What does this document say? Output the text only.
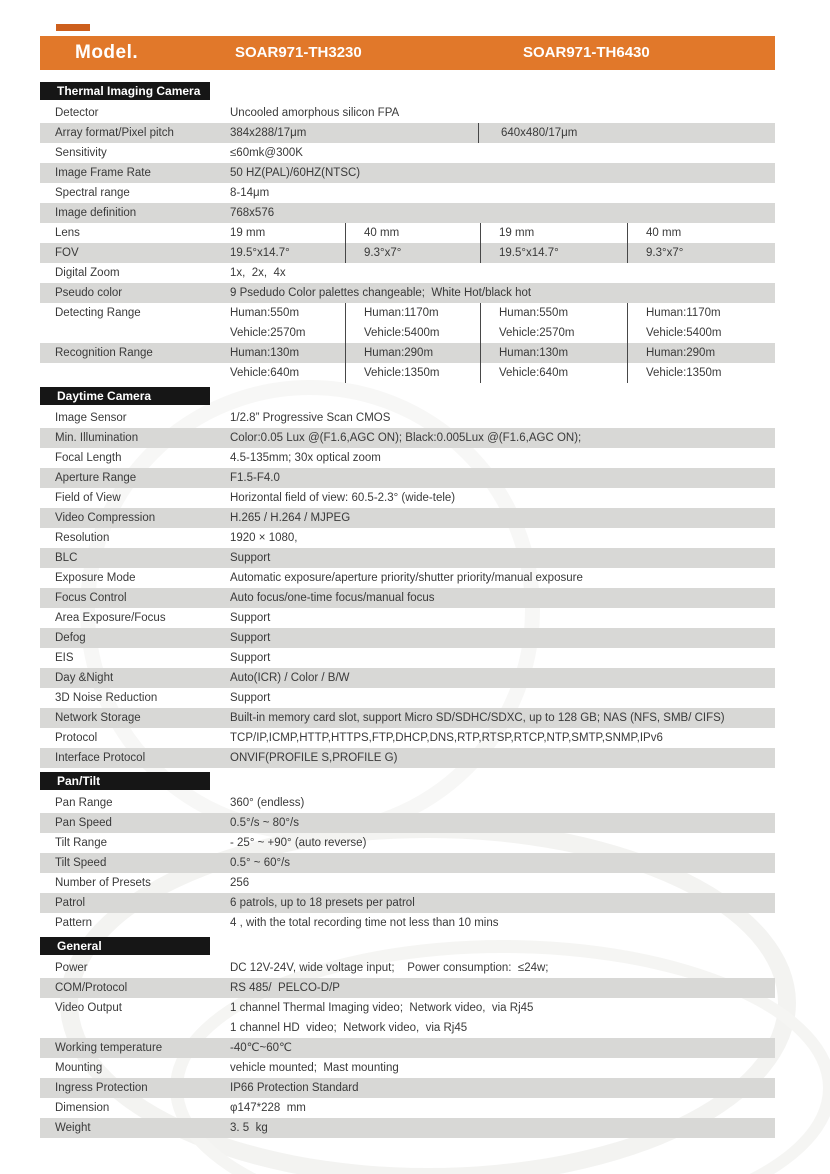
Model.	SOAR971-TH3230	SOAR971-TH6430
Thermal Imaging Camera
Detector	Uncooled amorphous silicon FPA
Array format/Pixel pitch	384x288/17μm	640x480/17μm
Sensitivity	≤60mk@300K
Image Frame Rate	50 HZ(PAL)/60HZ(NTSC)
Spectral range	8-14μm
Image definition	768x576
Lens	19 mm	40 mm	19 mm	40 mm
FOV	19.5°x14.7°	9.3°x7°	19.5°x14.7°	9.3°x7°
Digital Zoom	1x,  2x,  4x
Pseudo color	9 Psedudo Color palettes changeable;  White Hot/black hot
Detecting Range	Human:550m	Human:1170m	Human:550m	Human:1170m
Vehicle:2570m	Vehicle:5400m	Vehicle:2570m	Vehicle:5400m
Recognition Range	Human:130m	Human:290m	Human:130m	Human:290m
Vehicle:640m	Vehicle:1350m	Vehicle:640m	Vehicle:1350m
Daytime Camera
Image Sensor	1/2.8” Progressive Scan CMOS
Min. Illumination	Color:0.05 Lux @(F1.6,AGC ON); Black:0.005Lux @(F1.6,AGC ON);
Focal Length	4.5-135mm; 30x optical zoom
Aperture Range	F1.5-F4.0
Field of View	Horizontal field of view: 60.5-2.3° (wide-tele)
Video Compression	H.265 / H.264 / MJPEG
Resolution	1920 × 1080,
BLC	Support
Exposure Mode	Automatic exposure/aperture priority/shutter priority/manual exposure
Focus Control	Auto focus/one-time focus/manual focus
Area Exposure/Focus	Support
Defog	Support
EIS	Support
Day &Night	Auto(ICR) / Color / B/W
3D Noise Reduction	Support
Network Storage	Built-in memory card slot, support Micro SD/SDHC/SDXC, up to 128 GB; NAS (NFS, SMB/ CIFS)
Protocol	TCP/IP,ICMP,HTTP,HTTPS,FTP,DHCP,DNS,RTP,RTSP,RTCP,NTP,SMTP,SNMP,IPv6
Interface Protocol	ONVIF(PROFILE S,PROFILE G)
Pan/Tilt
Pan Range	360° (endless)
Pan Speed	0.5°/s ~ 80°/s
Tilt Range	- 25° ~ +90° (auto reverse)
Tilt Speed	0.5° ~ 60°/s
Number of Presets	256
Patrol	6 patrols, up to 18 presets per patrol
Pattern	4 , with the total recording time not less than 10 mins
General
Power	DC 12V-24V, wide voltage input;    Power consumption:  ≤24w;
COM/Protocol	RS 485/  PELCO-D/P
Video Output	1 channel Thermal Imaging video;  Network video,  via Rj45
1 channel HD  video;  Network video,  via Rj45
Working temperature	-40℃~60℃
Mounting	vehicle mounted;  Mast mounting
Ingress Protection	IP66 Protection Standard
Dimension	φ147*228  mm
Weight	3. 5  kg
